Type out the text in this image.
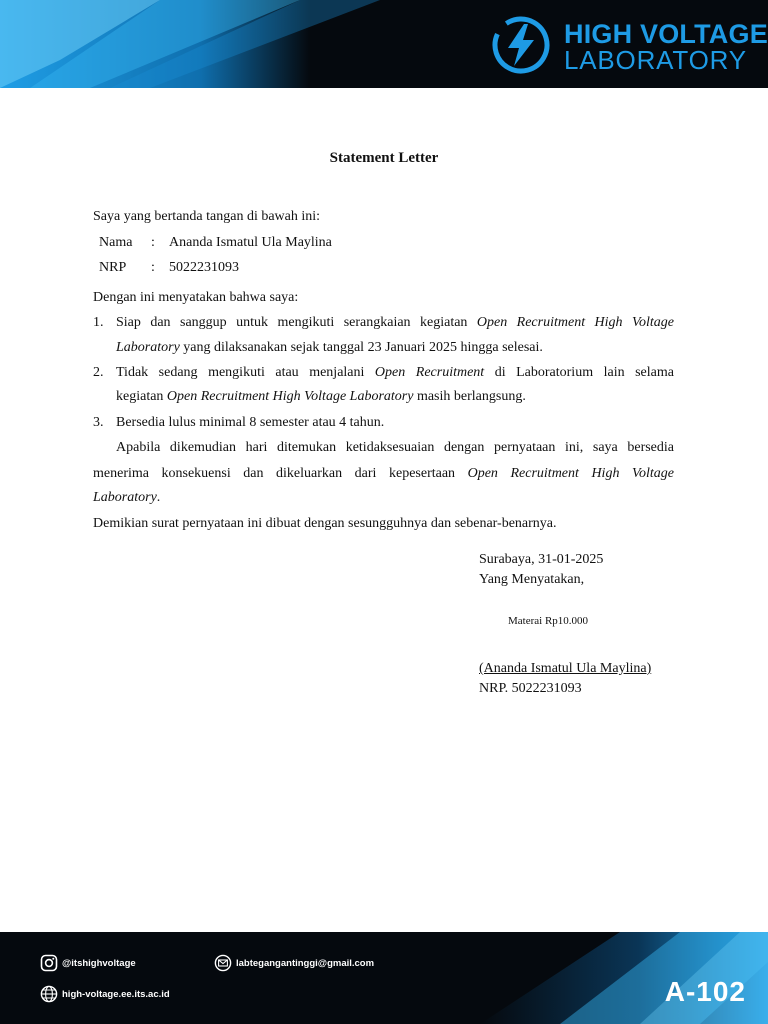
HIGH VOLTAGE
LABORATORY
Statement Letter
Saya yang bertanda tangan di bawah ini:
Nama : Ananda Ismatul Ula Maylina
NRP : 5022231093
Dengan ini menyatakan bahwa saya:
1. Siap dan sanggup untuk mengikuti serangkaian kegiatan Open Recruitment High Voltage
Laboratory yang dilaksanakan sejak tanggal 23 Januari 2025 hingga selesai.
2. Tidak sedang mengikuti atau menjalani Open Recruitment di Laboratorium lain selama
kegiatan Open Recruitment High Voltage Laboratory masih berlangsung.
3. Bersedia lulus minimal 8 semester atau 4 tahun.
Apabila dikemudian hari ditemukan ketidaksesuaian dengan pernyataan ini, saya bersedia
menerima konsekuensi dan dikeluarkan dari kepesertaan Open Recruitment High Voltage
Laboratory.
Demikian surat pernyataan ini dibuat dengan sesungguhnya dan sebenar-benarnya.
Surabaya, 31-01-2025
Yang Menyatakan,
Materai Rp10.000
(Ananda Ismatul Ula Maylina)
NRP. 5022231093
@itshighvoltage	labtegangantinggi@gmail.com
high-voltage.ee.its.ac.id	A-102
